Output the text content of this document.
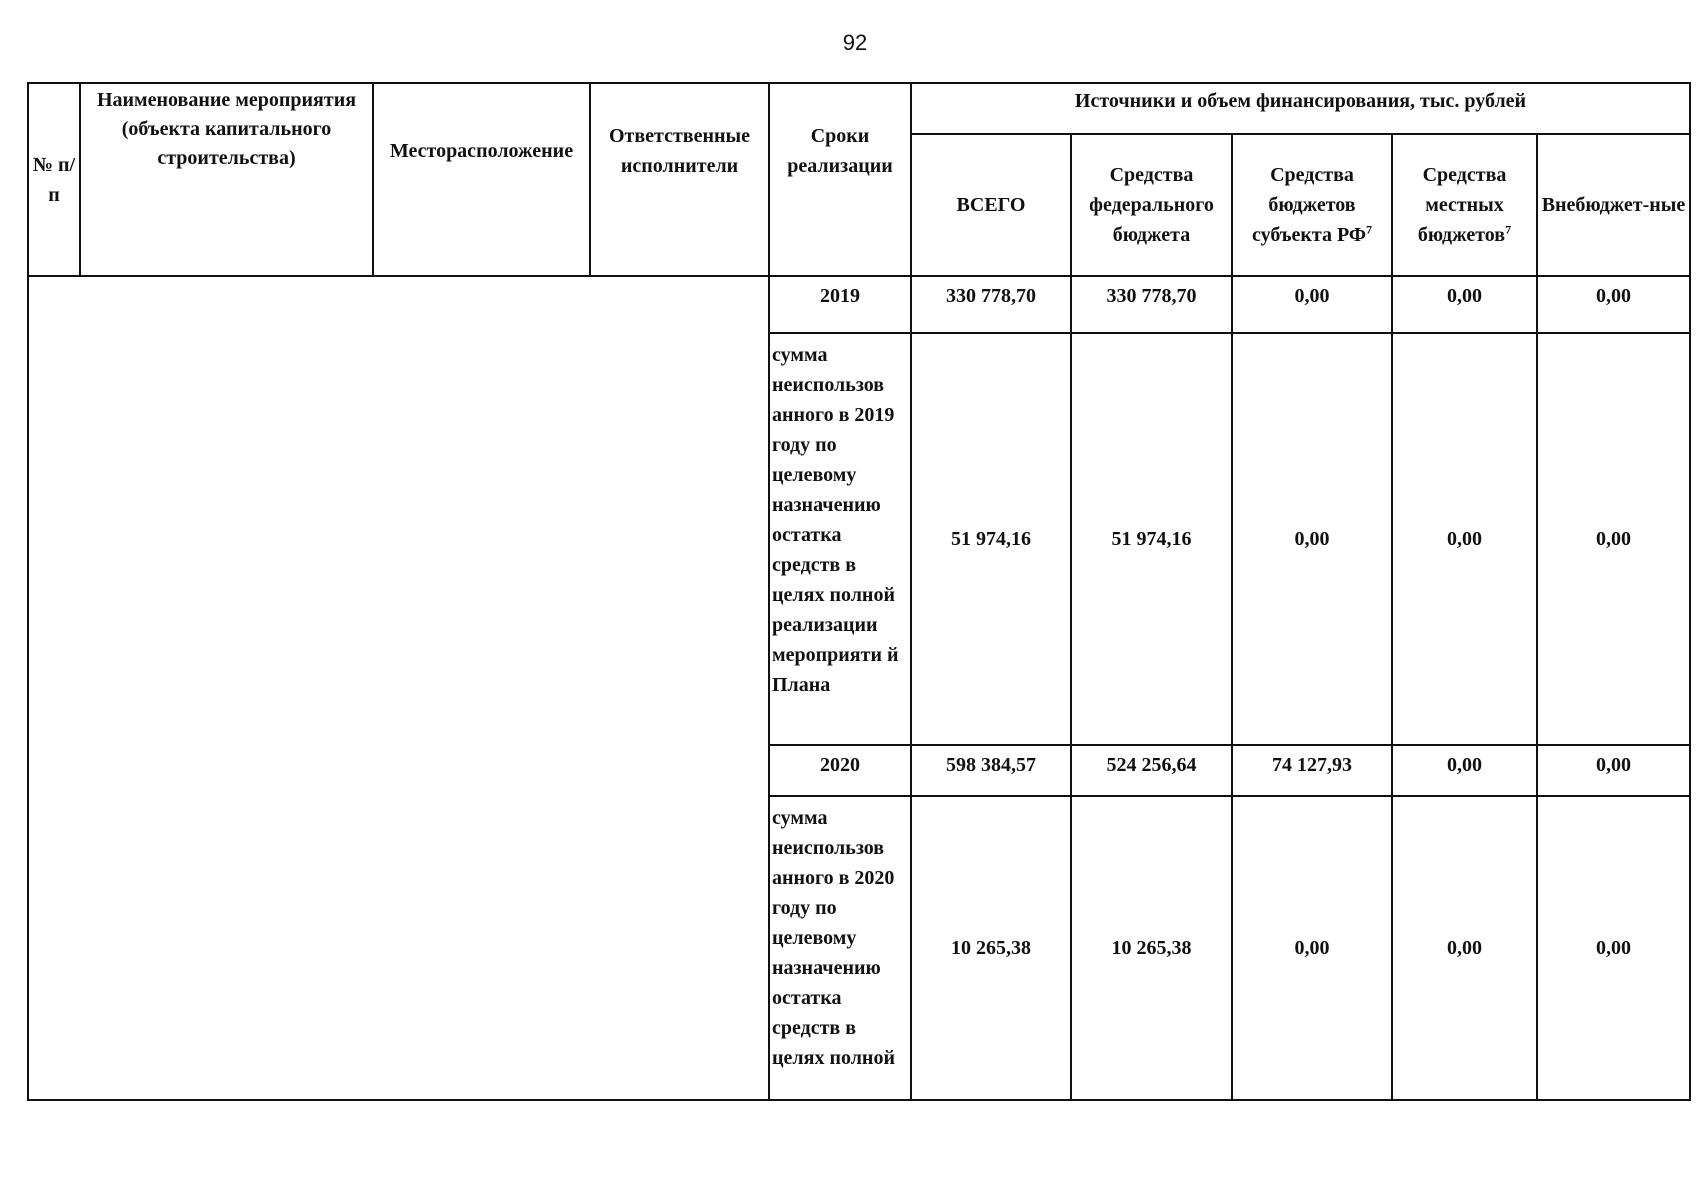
92
№ п/п	Наименование мероприятия (объекта капитального строительства)	Месторасположение	Ответственные исполнители	Сроки реализации	Источники и объем финансирования, тыс. рублей				
					ВСЕГО	Средства федерального бюджета	Средства бюджетов субъекта $РФ^7$	Средства местных бюджетов$^7$	Внебюджет-ные
				2019	330 778,70	330 778,70	0,00	0,00	0,00
				сумма неиспользов анного в 2019 году по целевому назначению остатка средств в целях полной реализации мероприяти й Плана	51 974,16	51 974,16	0,00	0,00	0,00
				2020	598 384,57	524 256,64	74 127,93	0,00	0,00
				сумма неиспользов анного в 2020 году по целевому назначению остатка средств в целях полной	10 265,38	10 265,38	0,00	0,00	0,00
